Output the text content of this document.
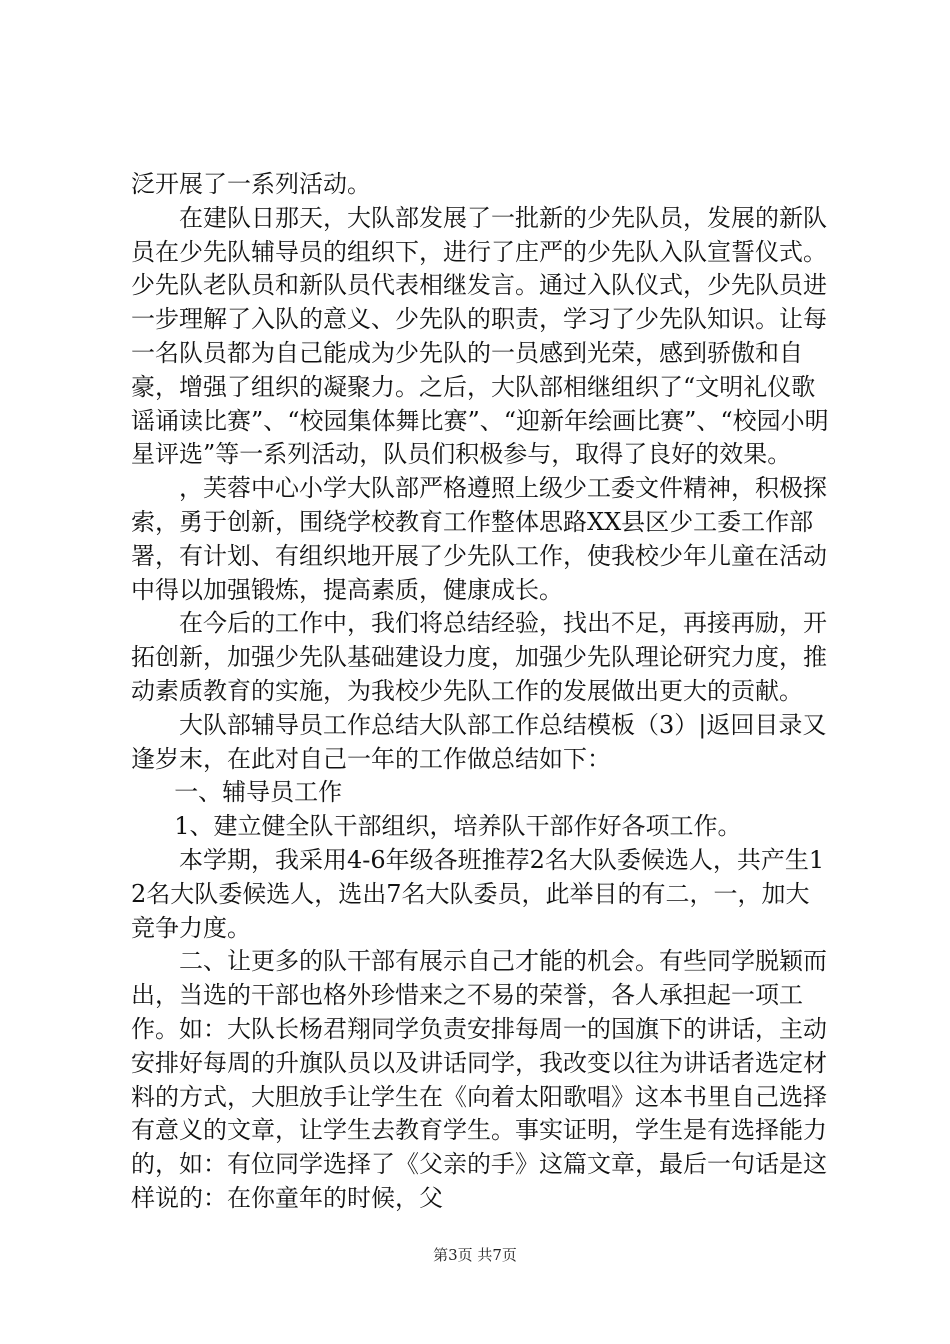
泛开展了一系列活动。

在建队日那天，大队部发展了一批新的少先队员，发展的新队员在少先队辅导员的组织下，进行了庄严的少先队入队宣誓仪式。少先队老队员和新队员代表相继发言。通过入队仪式，少先队员进一步理解了入队的意义、少先队的职责，学习了少先队知识。让每一名队员都为自己能成为少先队的一员感到光荣，感到骄傲和自豪，增强了组织的凝聚力。之后，大队部相继组织了“文明礼仪歌谣诵读比赛”、“校园集体舞比赛”、“迎新年绘画比赛”、“校园小明星评选”等一系列活动，队员们积极参与，取得了良好的效果。

，芙蓉中心小学大队部严格遵照上级少工委文件精神，积极探索，勇于创新，围绕学校教育工作整体思路XX县区少工委工作部署，有计划、有组织地开展了少先队工作，使我校少年儿童在活动中得以加强锻炼，提高素质，健康成长。

在今后的工作中，我们将总结经验，找出不足，再接再励，开拓创新，加强少先队基础建设力度，加强少先队理论研究力度，推动素质教育的实施，为我校少先队工作的发展做出更大的贡献。

大队部辅导员工作总结大队部工作总结模板（3）|返回目录又逢岁末，在此对自己一年的工作做总结如下：

一、辅导员工作

1、建立健全队干部组织，培养队干部作好各项工作。

本学期，我采用4-6年级各班推荐2名大队委候选人，共产生12名大队委候选人，选出7名大队委员，此举目的有二，一，加大竞争力度。

二、让更多的队干部有展示自己才能的机会。有些同学脱颖而出，当选的干部也格外珍惜来之不易的荣誉，各人承担起一项工作。如：大队长杨君翔同学负责安排每周一的国旗下的讲话，主动安排好每周的升旗队员以及讲话同学，我改变以往为讲话者选定材料的方式，大胆放手让学生在《向着太阳歌唱》这本书里自己选择有意义的文章，让学生去教育学生。事实证明，学生是有选择能力的，如：有位同学选择了《父亲的手》这篇文章，最后一句话是这样说的：在你童年的时候，父

第3页 共7页
